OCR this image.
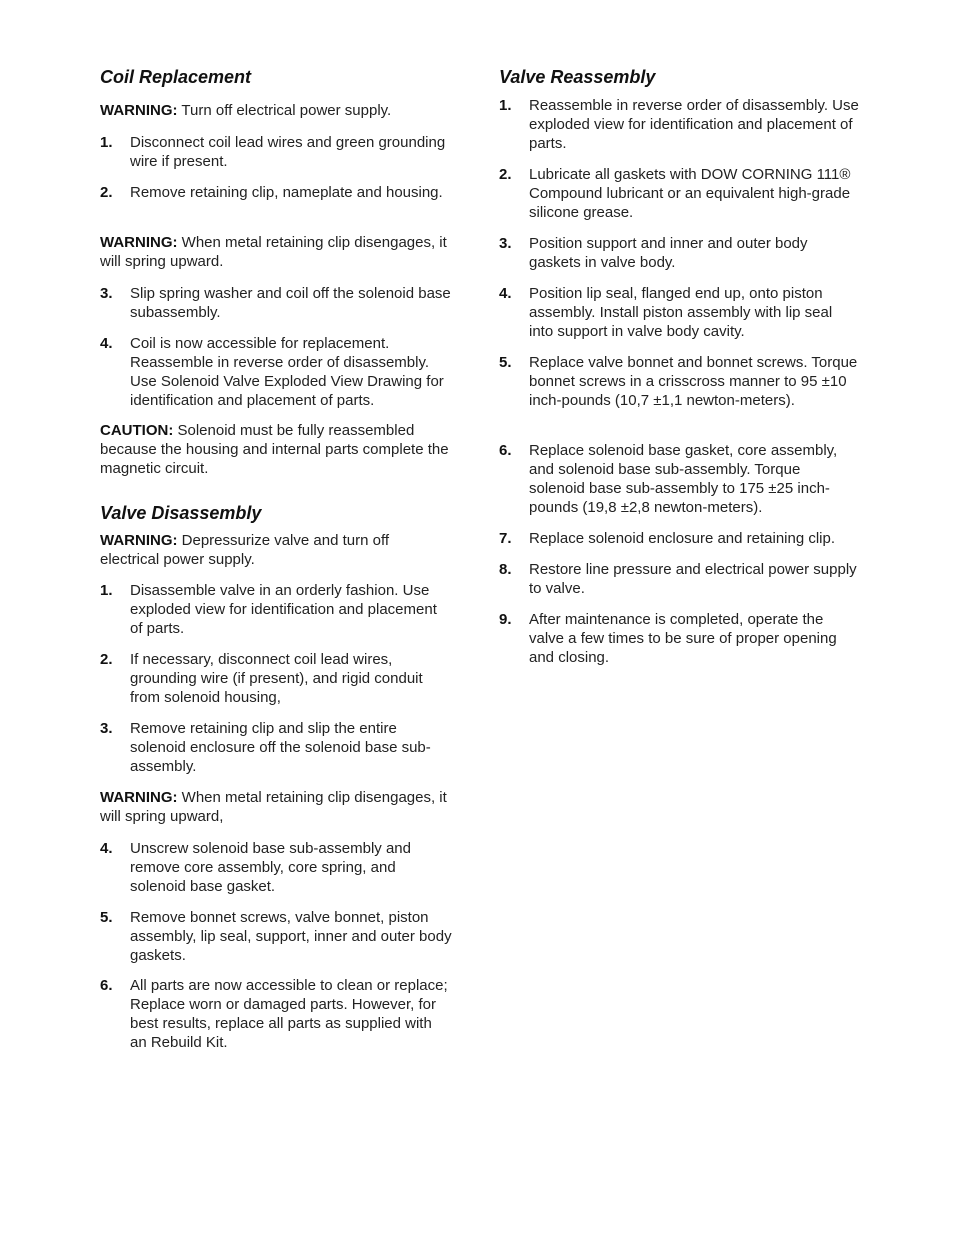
Coil Replacement

WARNING: Turn off electrical power supply.

1. Disconnect coil lead wires and green grounding wire if present.
2. Remove retaining clip, nameplate and housing.

WARNING: When metal retaining clip disengages, it will spring upward.

3. Slip spring washer and coil off the solenoid base subassembly.
4. Coil is now accessible for replacement. Reassemble in reverse order of disassembly. Use Solenoid Valve Exploded View Drawing for identification and placement of parts.

CAUTION: Solenoid must be fully reassembled because the housing and internal parts complete the magnetic circuit.

Valve Disassembly

WARNING: Depressurize valve and turn off electrical power supply.

1. Disassemble valve in an orderly fashion. Use exploded view for identification and placement of parts.
2. If necessary, disconnect coil lead wires, grounding wire (if present), and rigid conduit from solenoid housing,
3. Remove retaining clip and slip the entire solenoid enclosure off the solenoid base sub-assembly.

WARNING: When metal retaining clip disengages, it will spring upward,

4. Unscrew solenoid base sub-assembly and remove core assembly, core spring, and solenoid base gasket.
5. Remove bonnet screws, valve bonnet, piston assembly, lip seal, support, inner and outer body gaskets.
6. All parts are now accessible to clean or replace; Replace worn or damaged parts. However, for best results, replace all parts as supplied with an Rebuild Kit.
Valve Reassembly
1. Reassemble in reverse order of disassembly. Use exploded view for identification and placement of parts.
2. Lubricate all gaskets with DOW CORNING 111® Compound lubricant or an equivalent high-grade silicone grease.
3. Position support and inner and outer body gaskets in valve body.
4. Position lip seal, flanged end up, onto piston assembly. Install piston assembly with lip seal into support in valve body cavity.
5. Replace valve bonnet and bonnet screws. Torque bonnet screws in a crisscross manner to 95 ±10 inch-pounds (10,7 ±1,1 newton-meters).
6. Replace solenoid base gasket, core assembly, and solenoid base sub-assembly. Torque solenoid base sub-assembly to 175 ±25 inch-pounds (19,8 ±2,8 newton-meters).
7. Replace solenoid enclosure and retaining clip.
8. Restore line pressure and electrical power supply to valve.
9. After maintenance is completed, operate the valve a few times to be sure of proper opening and closing.
